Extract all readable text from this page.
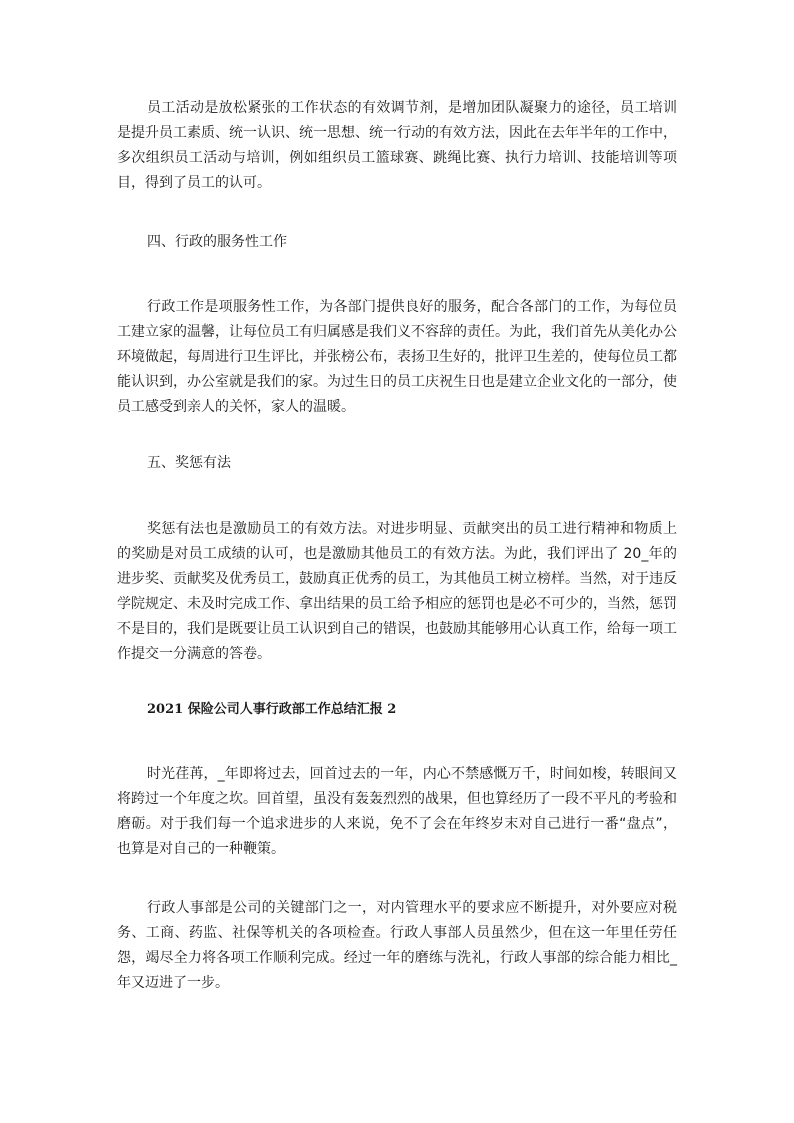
员工活动是放松紧张的工作状态的有效调节剂，是增加团队凝聚力的途径，员工培训是提升员工素质、统一认识、统一思想、统一行动的有效方法，因此在去年半年的工作中，多次组织员工活动与培训，例如组织员工篮球赛、跳绳比赛、执行力培训、技能培训等项目，得到了员工的认可。

四、行政的服务性工作

行政工作是项服务性工作，为各部门提供良好的服务，配合各部门的工作，为每位员工建立家的温馨，让每位员工有归属感是我们义不容辞的责任。为此，我们首先从美化办公环境做起，每周进行卫生评比，并张榜公布，表扬卫生好的，批评卫生差的，使每位员工都能认识到，办公室就是我们的家。为过生日的员工庆祝生日也是建立企业文化的一部分，使员工感受到亲人的关怀，家人的温暖。

五、奖惩有法

奖惩有法也是激励员工的有效方法。对进步明显、贡献突出的员工进行精神和物质上的奖励是对员工成绩的认可，也是激励其他员工的有效方法。为此，我们评出了 20_年的进步奖、贡献奖及优秀员工，鼓励真正优秀的员工，为其他员工树立榜样。当然，对于违反学院规定、未及时完成工作、拿出结果的员工给予相应的惩罚也是必不可少的，当然，惩罚不是目的，我们是既要让员工认识到自己的错误，也鼓励其能够用心认真工作，给每一项工作提交一分满意的答卷。

2021 保险公司人事行政部工作总结汇报 2

时光荏苒，_年即将过去，回首过去的一年，内心不禁感慨万千，时间如梭，转眼间又将跨过一个年度之坎。回首望，虽没有轰轰烈烈的战果，但也算经历了一段不平凡的考验和磨砺。对于我们每一个追求进步的人来说，免不了会在年终岁末对自己进行一番“盘点”，也算是对自己的一种鞭策。

行政人事部是公司的关键部门之一，对内管理水平的要求应不断提升，对外要应对税务、工商、药监、社保等机关的各项检查。行政人事部人员虽然少，但在这一年里任劳任怨，竭尽全力将各项工作顺利完成。经过一年的磨练与洗礼，行政人事部的综合能力相比_年又迈进了一步。
